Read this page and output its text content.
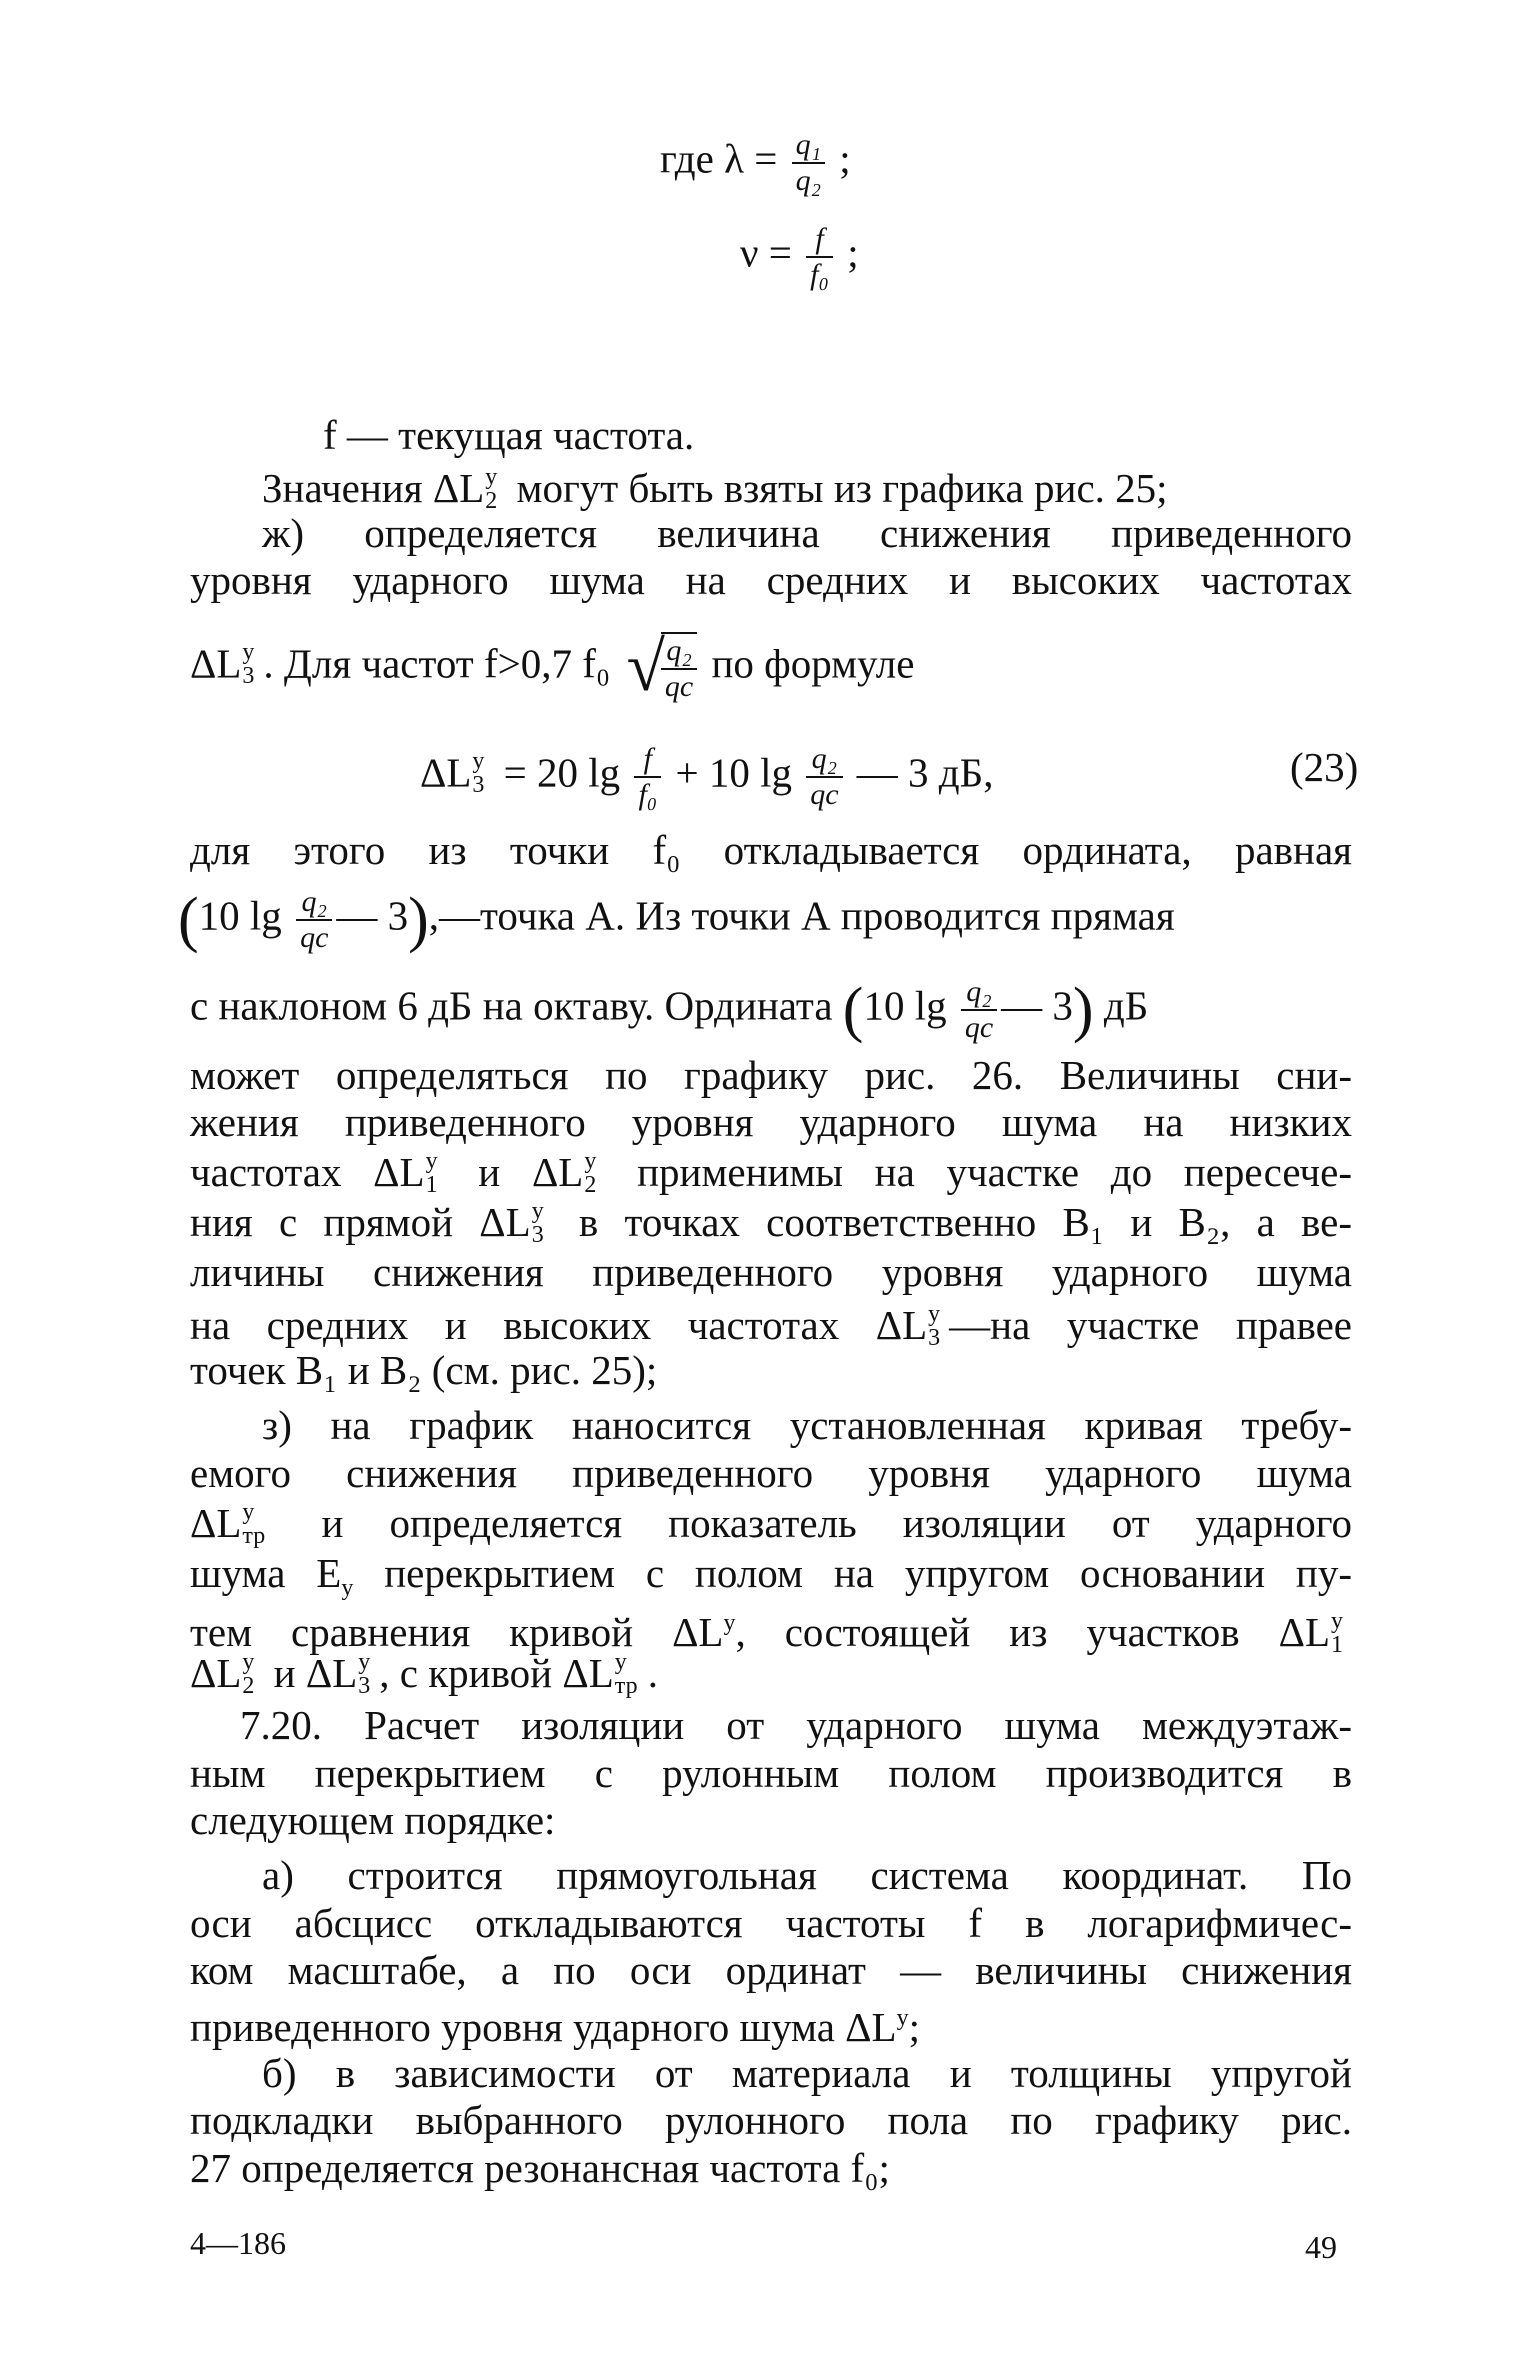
где $\lambda = \frac{\text{q₁}}{\text{q₂}}$ ;
$\nu = \frac{f}{\text{f₀}}$ ;
f — текущая частота.
Значения ΔL у
2 могут быть взяты из графика рис. 25;
ж) определяется величина снижения приведенного
уровня ударного шума на средних и высоких частотах
ΔL у
3 . Для частот f>0,7 f₀ √
$\frac{\text{q₂}}{qc}$ по формуле
ΔL у
3 = 20 $\lg \frac{f}{\text{f₀}} + 10$ $\lg \frac{\text{q₂}}{qc}$ — 3 дБ,	(23)
для этого из точки f₀ откладывается ордината, равная
(10 $\lg \frac{\text{q₂}}{qc}$ — 3),—точка А. Из точки А проводится прямая
с наклоном 6 дБ на октаву. Ордината (10 $\lg \frac{\text{q₂}}{qc}$ — 3) дБ
может определяться по графику рис. 26. Величины сни-
жения приведенного уровня ударного шума на низких
частотах ΔL у
1 и ΔL у
2 применимы на участке до пересече-
ния с прямой ΔL у
3 в точках соответственно B₁ и B₂, а ве-
личины снижения приведенного уровня ударного шума
на средних и высоких частотах ΔL у
3 —на участке правее
точек B₁ и B₂ (см. рис. 25);
з) на график наносится установленная кривая требу-
емого снижения приведенного уровня ударного шума
ΔL у
тр и определяется показатель изоляции от ударного
шума $E_у$ перекрытием с полом на упругом основании пу-
тем сравнения кривой $\Delta L^у$, состоящей из участков ΔL у
1
ΔL у
2 и ΔL у
3 , с кривой ΔL у
тр .
7.20. Расчет изоляции от ударного шума междуэтаж-
ным перекрытием с рулонным полом производится в
следующем порядке:
а) строится прямоугольная система координат. По
оси абсцисс откладываются частоты f в логарифмичес-
ком масштабе, а по оси ординат — величины снижения
приведенного уровня ударного шума $\Delta L^у$;
б) в зависимости от материала и толщины упругой
подкладки выбранного рулонного пола по графику рис.
27 определяется резонансная частота f₀;
4—186	49
